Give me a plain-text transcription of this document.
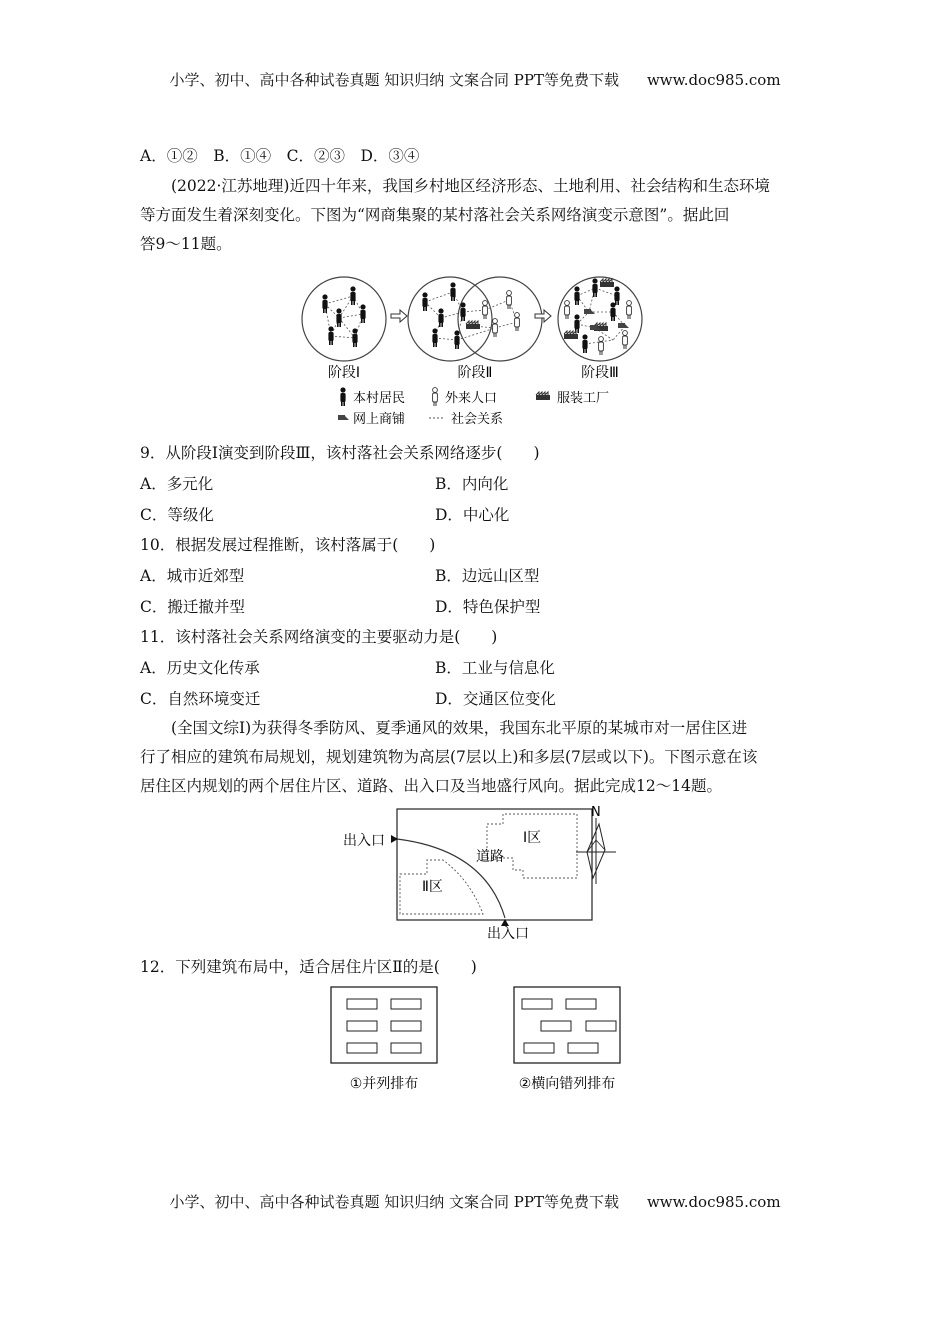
小学、初中、高中各种试卷真题 知识归纳 文案合同 PPT等免费下载 www.doc985.com
A．①②　B．①④　C．②③　D．③④

(2022·江苏地理)近四十年来，我国乡村地区经济形态、土地利用、社会结构和生态环境

等方面发生着深刻变化。下图为“网商集聚的某村落社会关系网络演变示意图”。据此回
答9～11题。
阶段Ⅰ	阶段Ⅱ	阶段Ⅲ
本村居民	外来人口	服装工厂
网上商铺	社会关系
9．从阶段Ⅰ演变到阶段Ⅲ，该村落社会关系网络逐步(　　)
A．多元化	B．内向化
C．等级化	D．中心化
10．根据发展过程推断，该村落属于(　　)
A．城市近郊型	B．边远山区型
C．搬迁撤并型	D．特色保护型
11．该村落社会关系网络演变的主要驱动力是(　　)
A．历史文化传承	B．工业与信息化
C．自然环境变迁	D．交通区位变化

(全国文综Ⅰ)为获得冬季防风、夏季通风的效果，我国东北平原的某城市对一居住区进

行了相应的建筑布局规划，规划建筑物为高层(7层以上)和多层(7层或以下)。下图示意在该
居住区内规划的两个居住片区、道路、出入口及当地盛行风向。据此完成12～14题。
Ⅰ区
道路
Ⅱ区
出入口
出入口
N
12．下列建筑布局中，适合居住片区Ⅱ的是(　　)
①并列排布	②横向错列排布
小学、初中、高中各种试卷真题 知识归纳 文案合同 PPT等免费下载 www.doc985.com
